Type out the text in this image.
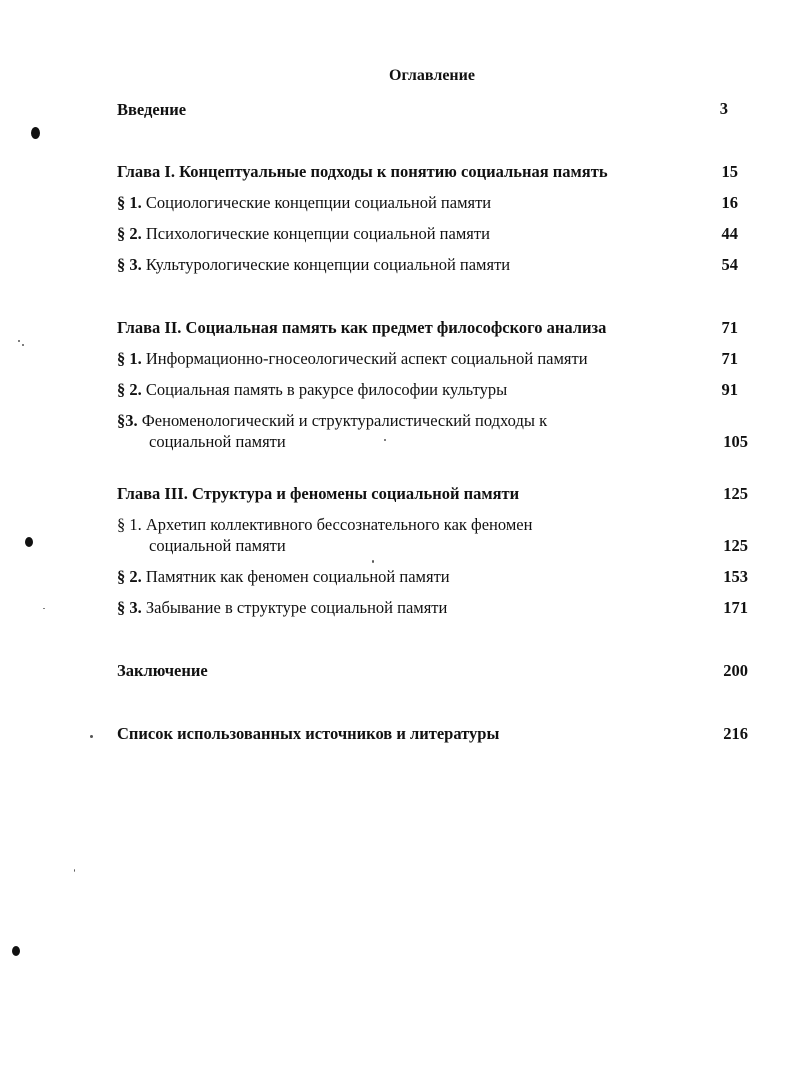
Оглавление
Введение	3
Глава I. Концептуальные подходы к понятию социальная память	15
§ 1. Социологические концепции социальной памяти	16
§ 2. Психологические концепции социальной памяти	44
§ 3. Культурологические концепции социальной памяти	54
Глава II. Социальная память как предмет философского анализа	71
§ 1. Информационно-гносеологический аспект социальной памяти	71
§ 2. Социальная память в ракурсе философии культуры	91
§3. Феноменологический и структуралистический подходы к
социальной памяти	105
Глава III. Структура и феномены социальной памяти	125
§ 1. Архетип коллективного бессознательного как феномен
социальной памяти	125
§ 2. Памятник как феномен социальной памяти	153
§ 3. Забывание в структуре социальной памяти	171
Заключение	200
Список использованных источников и литературы	216
